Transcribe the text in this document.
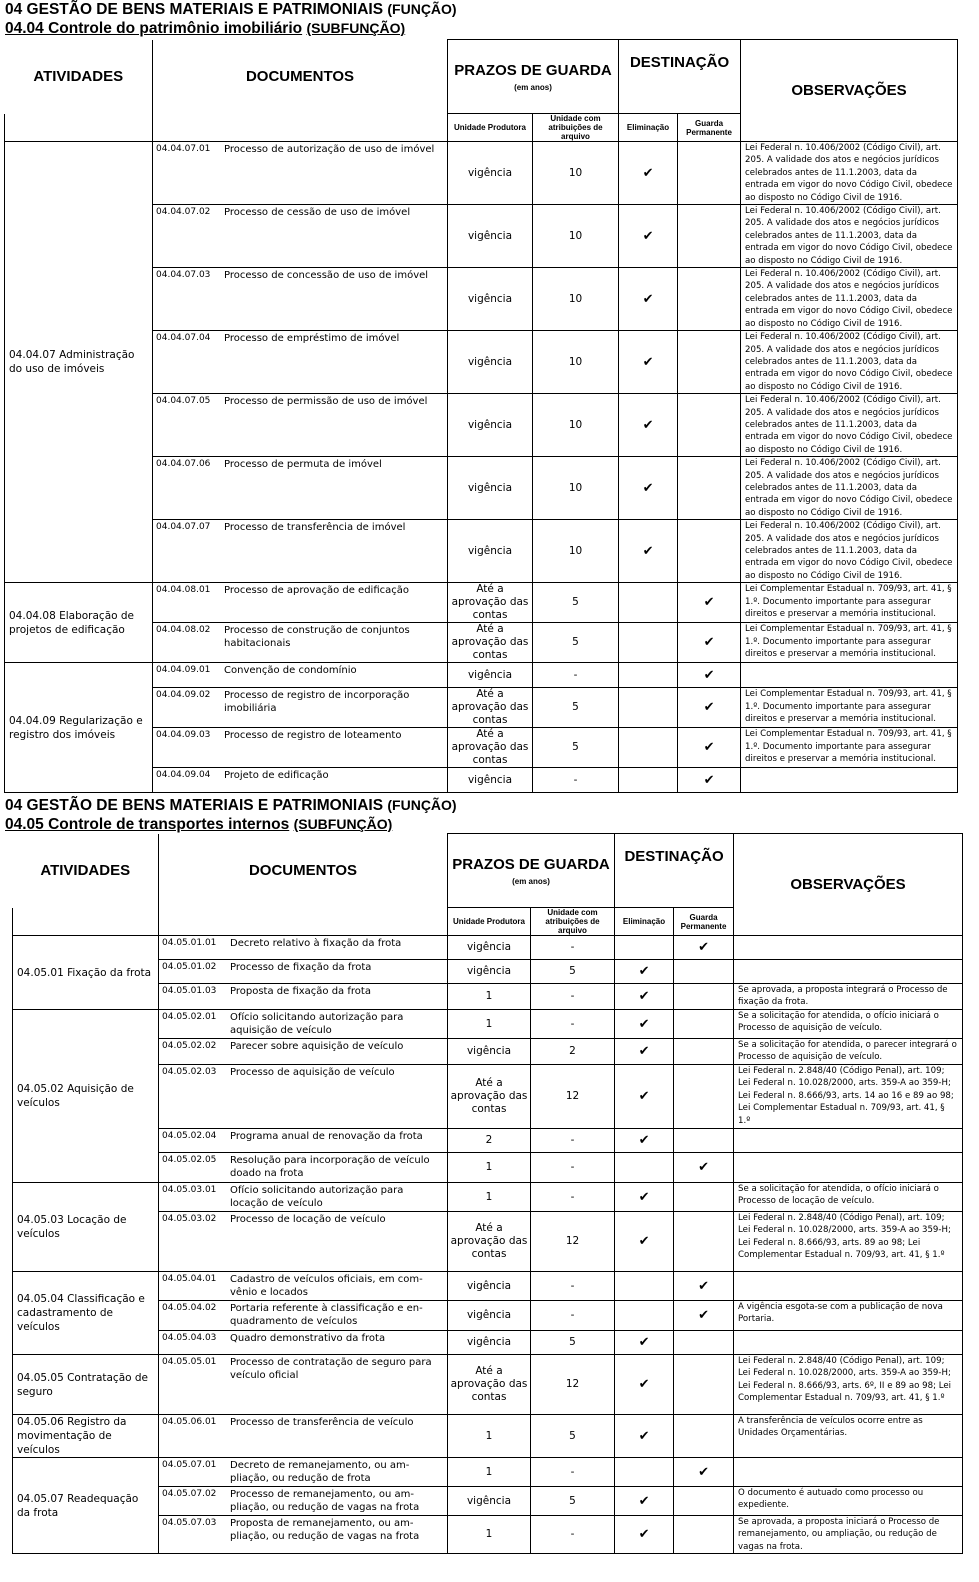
04 GESTÃO DE BENS MATERIAIS E PATRIMONIAIS (FUNÇÃO)
04.04 Controle do patrimônio imobiliário (SUBFUNÇÃO)
ATIVIDADES	DOCUMENTOS	PRAZOS DE GUARDA
(em anos)		DESTINAÇÃO		OBSERVAÇÕES

		Unidade Produtora	Unidade com atribuições de arquivo	Eliminação	Guarda Permanente	
04.04.07 Administração do uso de imóveis	04.04.07.01 Processo de autorização de uso de imóvel	vigência	10	✔		Lei Federal n. 10.406/2002 (Código Civil), art. 205. A validade dos atos e negócios jurídicos celebrados antes de 11.1.2003, data da entrada em vigor do novo Código Civil, obedece ao disposto no Código Civil de 1916.

	04.04.07.02 Processo de cessão de uso de imóvel	vigência	10	✔		Lei Federal n. 10.406/2002 (Código Civil), art. 205. A validade dos atos e negócios jurídicos celebrados antes de 11.1.2003, data da entrada em vigor do novo Código Civil, obedece ao disposto no Código Civil de 1916.

	04.04.07.03 Processo de concessão de uso de imóvel	vigência	10	✔		Lei Federal n. 10.406/2002 (Código Civil), art. 205. A validade dos atos e negócios jurídicos celebrados antes de 11.1.2003, data da entrada em vigor do novo Código Civil, obedece ao disposto no Código Civil de 1916.

	04.04.07.04 Processo de empréstimo de imóvel	vigência	10	✔		Lei Federal n. 10.406/2002 (Código Civil), art. 205. A validade dos atos e negócios jurídicos celebrados antes de 11.1.2003, data da entrada em vigor do novo Código Civil, obedece ao disposto no Código Civil de 1916.

	04.04.07.05 Processo de permissão de uso de imóvel	vigência	10	✔		Lei Federal n. 10.406/2002 (Código Civil), art. 205. A validade dos atos e negócios jurídicos celebrados antes de 11.1.2003, data da entrada em vigor do novo Código Civil, obedece ao disposto no Código Civil de 1916.

	04.04.07.06 Processo de permuta de imóvel	vigência	10	✔		Lei Federal n. 10.406/2002 (Código Civil), art. 205. A validade dos atos e negócios jurídicos celebrados antes de 11.1.2003, data da entrada em vigor do novo Código Civil, obedece ao disposto no Código Civil de 1916.

	04.04.07.07 Processo de transferência de imóvel	vigência	10	✔		Lei Federal n. 10.406/2002 (Código Civil), art. 205. A validade dos atos e negócios jurídicos celebrados antes de 11.1.2003, data da entrada em vigor do novo Código Civil, obedece ao disposto no Código Civil de 1916.
04.04.08 Elaboração de projetos de edificação	04.04.08.01 Processo de aprovação de edificação	Até a aprovação das contas	5		✔	Lei Complementar Estadual n. 709/93, art. 41, § 1.º. Documento importante para assegurar direitos e preservar a memória institucional.

	04.04.08.02 Processo de construção de conjuntos habitacionais	Até a aprovação das contas	5		✔	Lei Complementar Estadual n. 709/93, art. 41, § 1.º. Documento importante para assegurar direitos e preservar a memória institucional.
04.04.09 Regularização e registro dos imóveis	04.04.09.01 Convenção de condomínio	vigência	-		✔	

	04.04.09.02 Processo de registro de incorporação imobiliária	Até a aprovação das contas	5		✔	Lei Complementar Estadual n. 709/93, art. 41, § 1.º. Documento importante para assegurar direitos e preservar a memória institucional.

	04.04.09.03 Processo de registro de loteamento	Até a aprovação das contas	5		✔	Lei Complementar Estadual n. 709/93, art. 41, § 1.º. Documento importante para assegurar direitos e preservar a memória institucional.

	04.04.09.04 Projeto de edificação	vigência	-		✔	
04 GESTÃO DE BENS MATERIAIS E PATRIMONIAIS (FUNÇÃO)
04.05 Controle de transportes internos (SUBFUNÇÃO)
ATIVIDADES	DOCUMENTOS	PRAZOS DE GUARDA
(em anos)		DESTINAÇÃO		OBSERVAÇÕES

		Unidade Produtora	Unidade com atribuições de arquivo	Eliminação	Guarda Permanente	
04.05.01 Fixação da frota	04.05.01.01 Decreto relativo à fixação da frota	vigência	-		✔	

	04.05.01.02 Processo de fixação da frota	vigência	5	✔		

	04.05.01.03 Proposta de fixação da frota	1	-	✔		Se aprovada, a proposta integrará o Processo de fixação da frota.
04.05.02 Aquisição de veículos	04.05.02.01 Ofício solicitando autorização para aquisição de veículo	1	-	✔		Se a solicitação for atendida, o ofício iniciará o Processo de aquisição de veículo.

	04.05.02.02 Parecer sobre aquisição de veículo	vigência	2	✔		Se a solicitação for atendida, o parecer integrará o Processo de aquisição de veículo.

	04.05.02.03 Processo de aquisição de veículo	Até a aprovação das contas	12	✔		Lei Federal n. 2.848/40 (Código Penal), art. 109; Lei Federal n. 10.028/2000, arts. 359-A ao 359-H; Lei Federal n. 8.666/93, arts. 14 ao 16 e 89 ao 98; Lei Complementar Estadual n. 709/93, art. 41, § 1.º

	04.05.02.04 Programa anual de renovação da frota	2	-	✔		

	04.05.02.05 Resolução para incorporação de veículo doado na frota	1	-		✔	
04.05.03 Locação de veículos	04.05.03.01 Ofício solicitando autorização para locação de veículo	1	-	✔		Se a solicitação for atendida, o ofício iniciará o Processo de locação de veículo.

	04.05.03.02 Processo de locação de veículo	Até a aprovação das contas	12	✔		Lei Federal n. 2.848/40 (Código Penal), art. 109; Lei Federal n. 10.028/2000, arts. 359-A ao 359-H; Lei Federal n. 8.666/93, arts. 89 ao 98; Lei Complementar Estadual n. 709/93, art. 41, § 1.º
04.05.04 Classificação e cadastramento de veículos	04.05.04.01 Cadastro de veículos oficiais, em com-vênio e locados	vigência	-		✔	

	04.05.04.02 Portaria referente à classificação e en-quadramento de veículos	vigência	-		✔	A vigência esgota-se com a publicação de nova Portaria.

	04.05.04.03 Quadro demonstrativo da frota	vigência	5	✔		
04.05.05 Contratação de seguro	04.05.05.01 Processo de contratação de seguro para veículo oficial	Até a aprovação das contas	12	✔		Lei Federal n. 2.848/40 (Código Penal), art. 109; Lei Federal n. 10.028/2000, arts. 359-A ao 359-H; Lei Federal n. 8.666/93, arts. 6º, II e 89 ao 98; Lei Complementar Estadual n. 709/93, art. 41, § 1.º
04.05.06 Registro da movimentação de veículos	04.05.06.01 Processo de transferência de veículo	1	5	✔		A transferência de veículos ocorre entre as Unidades Orçamentárias.
04.05.07 Readequação da frota	04.05.07.01 Decreto de remanejamento, ou am-pliação, ou redução de frota	1	-		✔	

	04.05.07.02 Processo de remanejamento, ou am-pliação, ou redução de vagas na frota	vigência	5	✔		O documento é autuado como processo ou expediente.

	04.05.07.03 Proposta de remanejamento, ou am-pliação, ou redução de vagas na frota	1	-	✔		Se aprovada, a proposta iniciará o Processo de remanejamento, ou ampliação, ou redução de vagas na frota.
